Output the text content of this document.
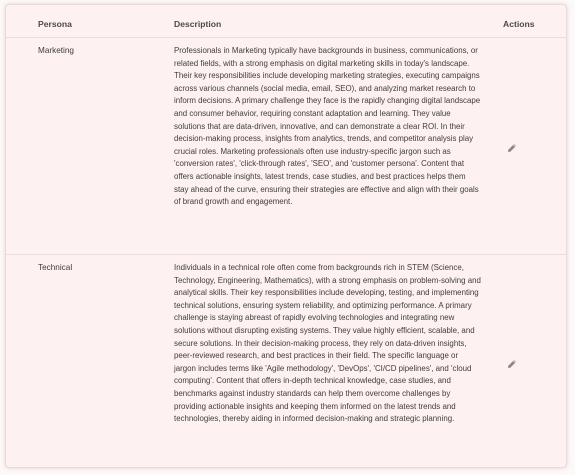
Persona	Description	Actions
Marketing	Professionals in Marketing typically have backgrounds in business, communications, or related fields, with a strong emphasis on digital marketing skills in today's landscape. Their key responsibilities include developing marketing strategies, executing campaigns across various channels (social media, email, SEO), and analyzing market research to inform decisions. A primary challenge they face is the rapidly changing digital landscape and consumer behavior, requiring constant adaptation and learning. They value solutions that are data-driven, innovative, and can demonstrate a clear ROI. In their decision-making process, insights from analytics, trends, and competitor analysis play crucial roles. Marketing professionals often use industry-specific jargon such as 'conversion rates', 'click-through rates', 'SEO', and 'customer persona'. Content that offers actionable insights, latest trends, case studies, and best practices helps them stay ahead of the curve, ensuring their strategies are effective and align with their goals of brand growth and engagement.
Technical	Individuals in a technical role often come from backgrounds rich in STEM (Science, Technology, Engineering, Mathematics), with a strong emphasis on problem-solving and analytical skills. Their key responsibilities include developing, testing, and implementing technical solutions, ensuring system reliability, and optimizing performance. A primary challenge is staying abreast of rapidly evolving technologies and integrating new solutions without disrupting existing systems. They value highly efficient, scalable, and secure solutions. In their decision-making process, they rely on data-driven insights, peer-reviewed research, and best practices in their field. The specific language or jargon includes terms like 'Agile methodology', 'DevOps', 'CI/CD pipelines', and 'cloud computing'. Content that offers in-depth technical knowledge, case studies, and benchmarks against industry standards can help them overcome challenges by providing actionable insights and keeping them informed on the latest trends and technologies, thereby aiding in informed decision-making and strategic planning.
